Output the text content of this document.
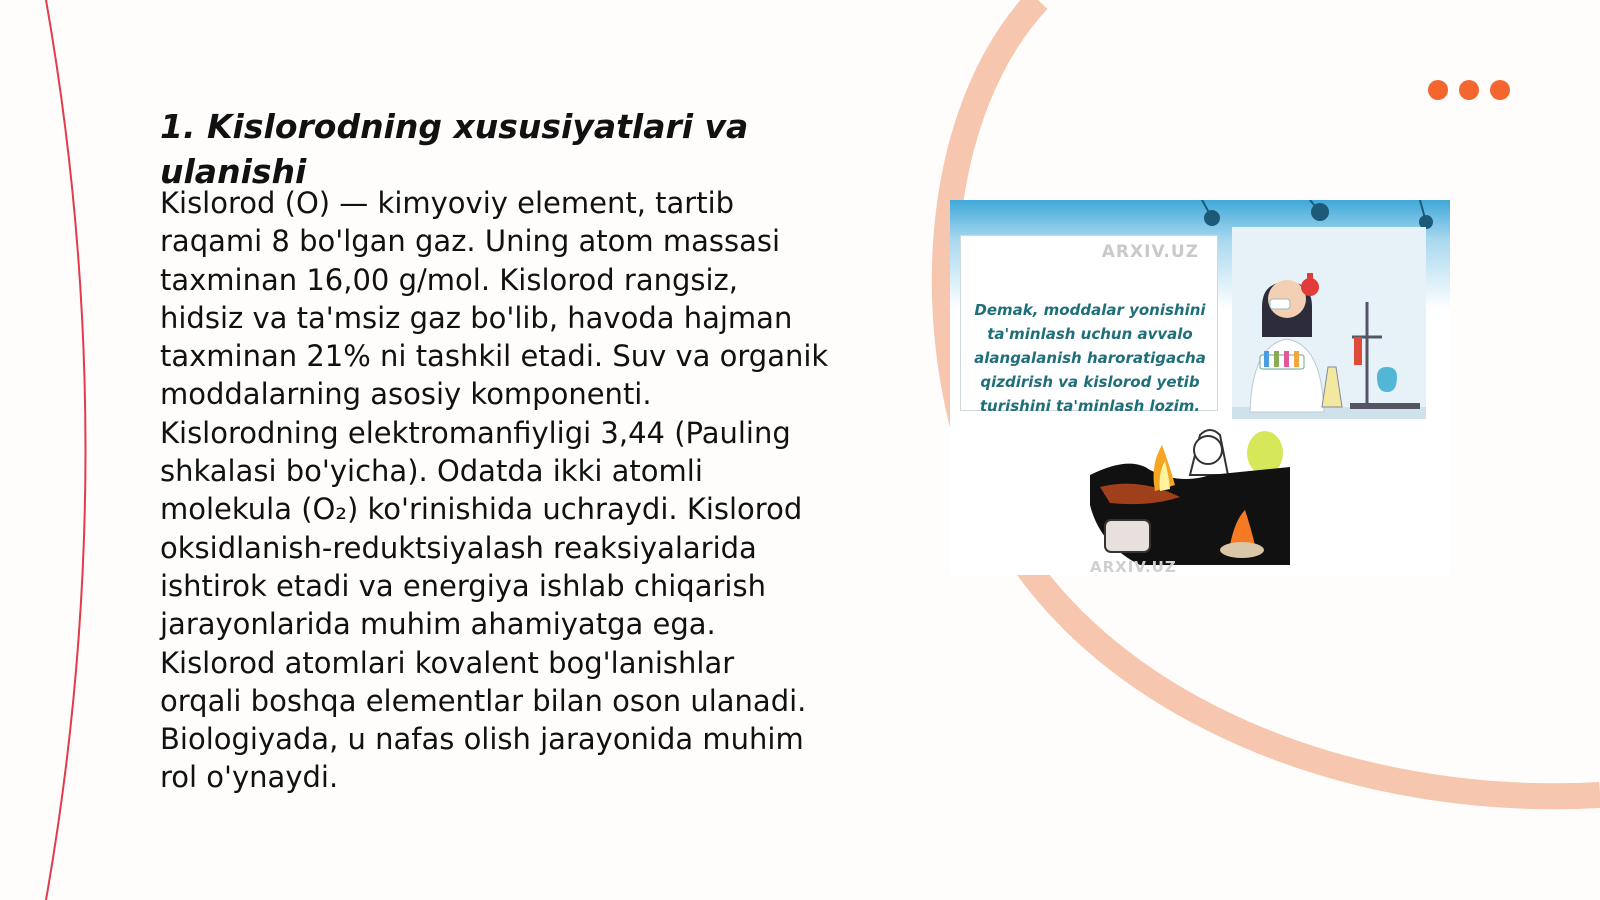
1. Kislorodning xususiyatlari va
ulanishi

Kislorod (O) — kimyoviy element, tartib
raqami 8 bo'lgan gaz. Uning atom massasi
taxminan 16,00 g/mol. Kislorod rangsiz,
hidsiz va ta'msiz gaz bo'lib, havoda hajman
taxminan 21% ni tashkil etadi. Suv va organik
moddalarning asosiy komponenti.
Kislorodning elektromanfiyligi 3,44 (Pauling
shkalasi bo'yicha). Odatda ikki atomli
molekula (O₂) ko'rinishida uchraydi. Kislorod
oksidlanish-reduktsiyalash reaksiyalarida
ishtirok etadi va energiya ishlab chiqarish
jarayonlarida muhim ahamiyatga ega.
Kislorod atomlari kovalent bog'lanishlar
orqali boshqa elementlar bilan oson ulanadi.
Biologiyada, u nafas olish jarayonida muhim
rol o'ynaydi.

ARXIV.UZ
Demak, moddalar yonishini
ta'minlash uchun avvalo
alangalanish haroratigacha
qizdirish va kislorod yetib
turishini ta'minlash lozim.
ARXIV.UZ
